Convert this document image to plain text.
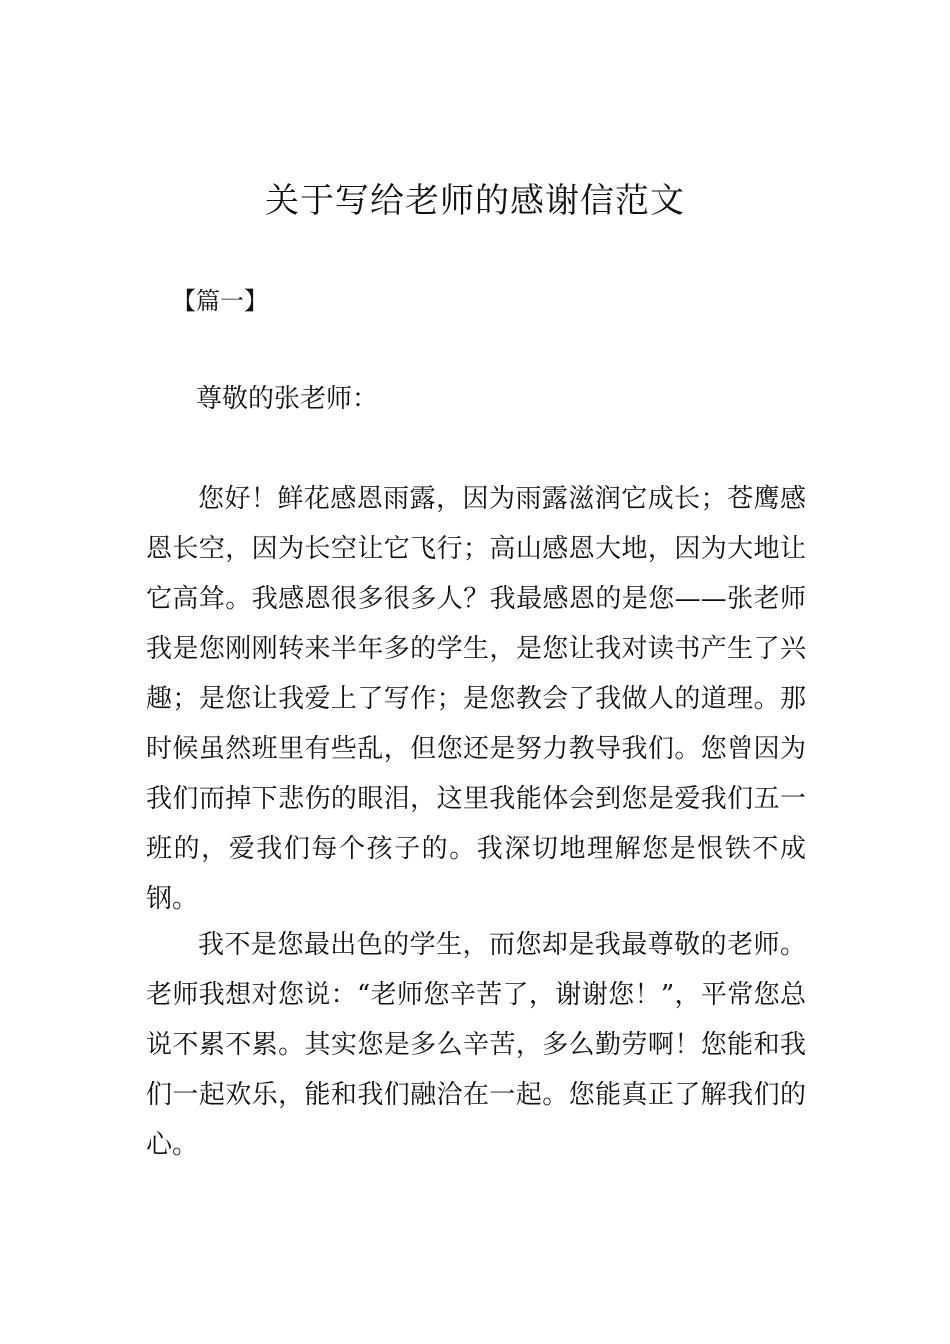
关于写给老师的感谢信范文
【篇一】
尊敬的张老师：

您好！鲜花感恩雨露，因为雨露滋润它成长；苍鹰感恩长空，因为长空让它飞行；高山感恩大地，因为大地让它高耸。我感恩很多很多人？我最感恩的是您——张老师我是您刚刚转来半年多的学生，是您让我对读书产生了兴趣；是您让我爱上了写作；是您教会了我做人的道理。那时候虽然班里有些乱，但您还是努力教导我们。您曾因为我们而掉下悲伤的眼泪，这里我能体会到您是爱我们五一班的，爱我们每个孩子的。我深切地理解您是恨铁不成钢。

我不是您最出色的学生，而您却是我最尊敬的老师。老师我想对您说：“老师您辛苦了，谢谢您！”，平常您总说不累不累。其实您是多么辛苦，多么勤劳啊！您能和我们一起欢乐，能和我们融洽在一起。您能真正了解我们的心。
